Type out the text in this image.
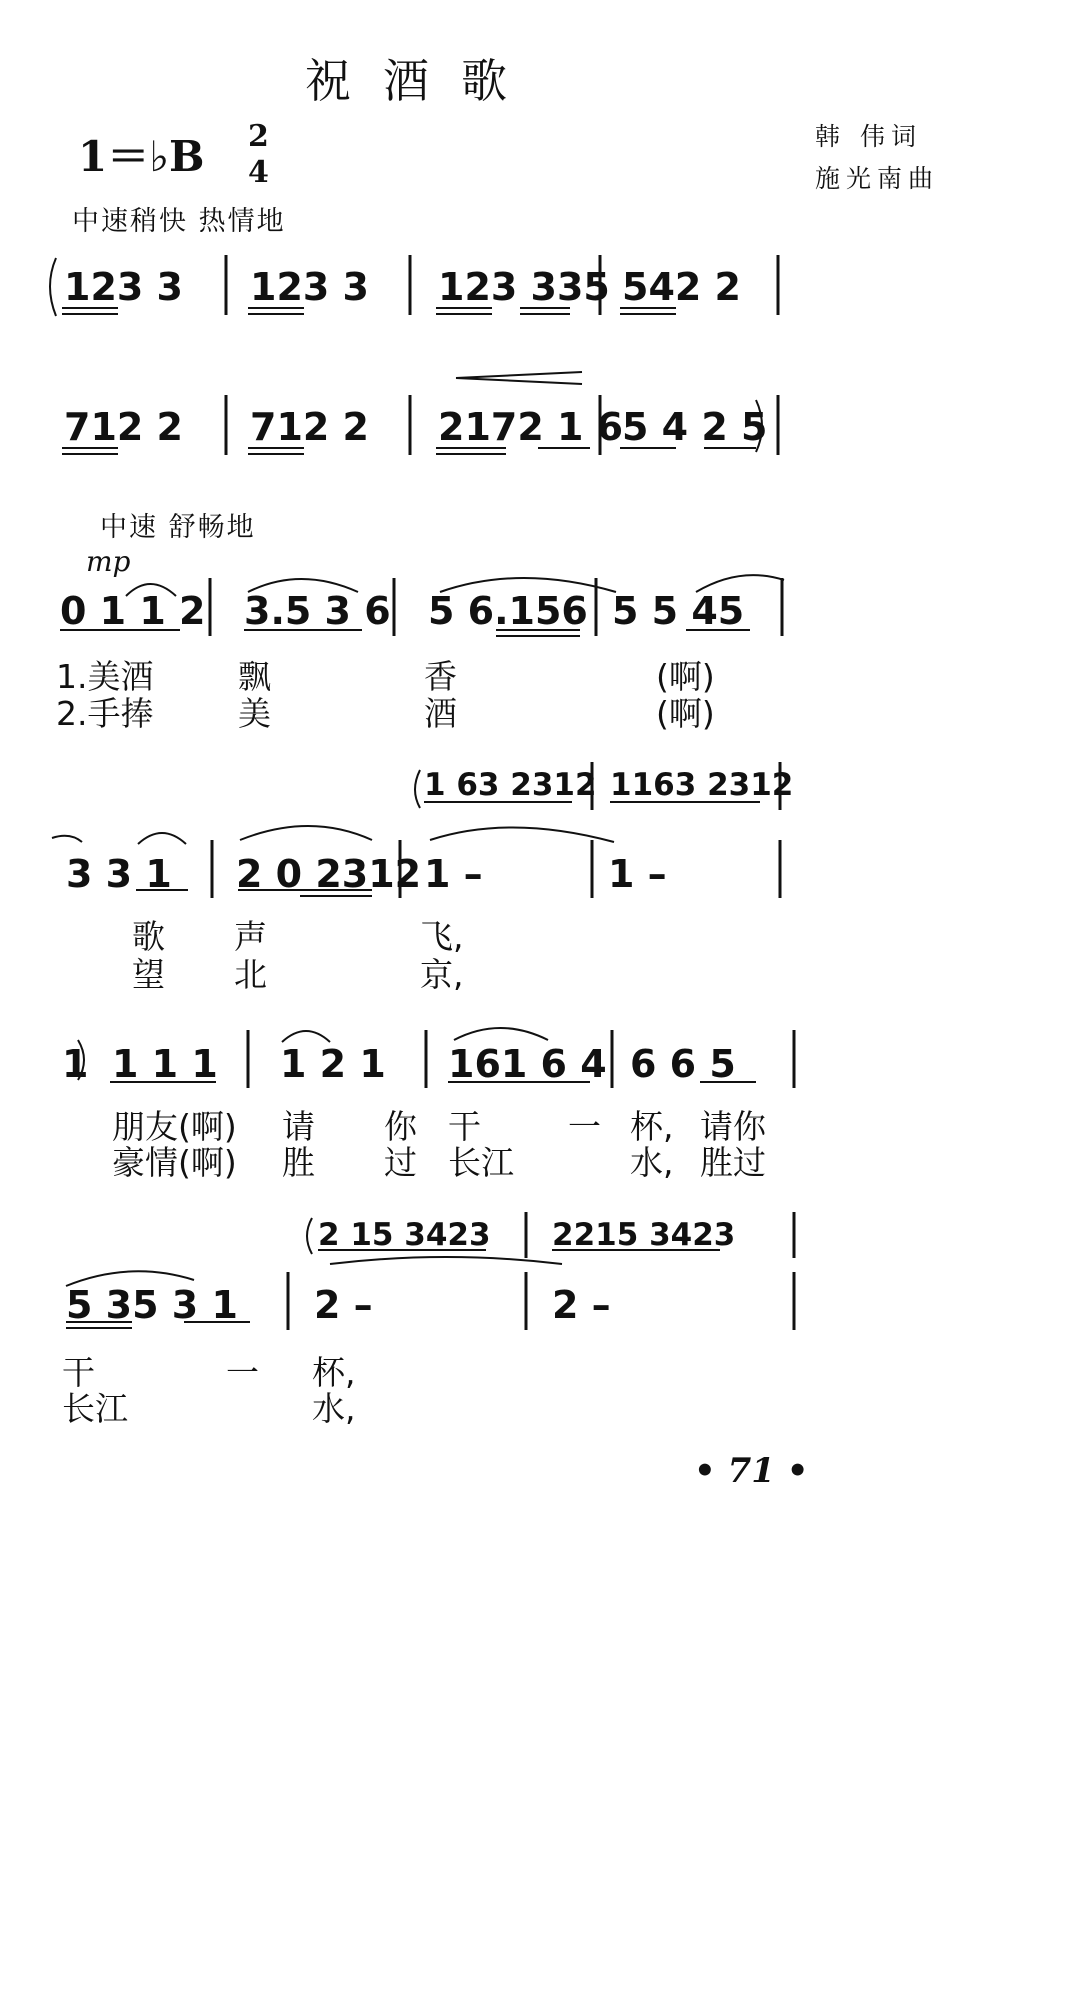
祝酒歌
韩 伟词
施光南曲
1＝♭B 2
4
中速稍快 热情地
123 3 123 3 123 335 542 2
712 2 712 2 2172 1 6
5 4 2 5
中速 舒畅地
mp
0 1 1 2 3.5 3 6 5 6.156 5 5 45
1.美酒	飘	香	(啊)
2.手捧	美	酒	(啊)
1 63 2312 1163 2312
3 3 1 2 0 2312 1 –	1 –
歌 声	飞,
望 北	京,
1 1 1 1 1 2 1 161 6 4 6 6 5
朋友(啊) 请 你 干	一 杯, 请你
豪情(啊) 胜 过 长江	水, 胜过
2 15 3423 2215 3423
5 35 3 1 2 –	2 –
干	一 杯,
长江	水,
• 71 •
